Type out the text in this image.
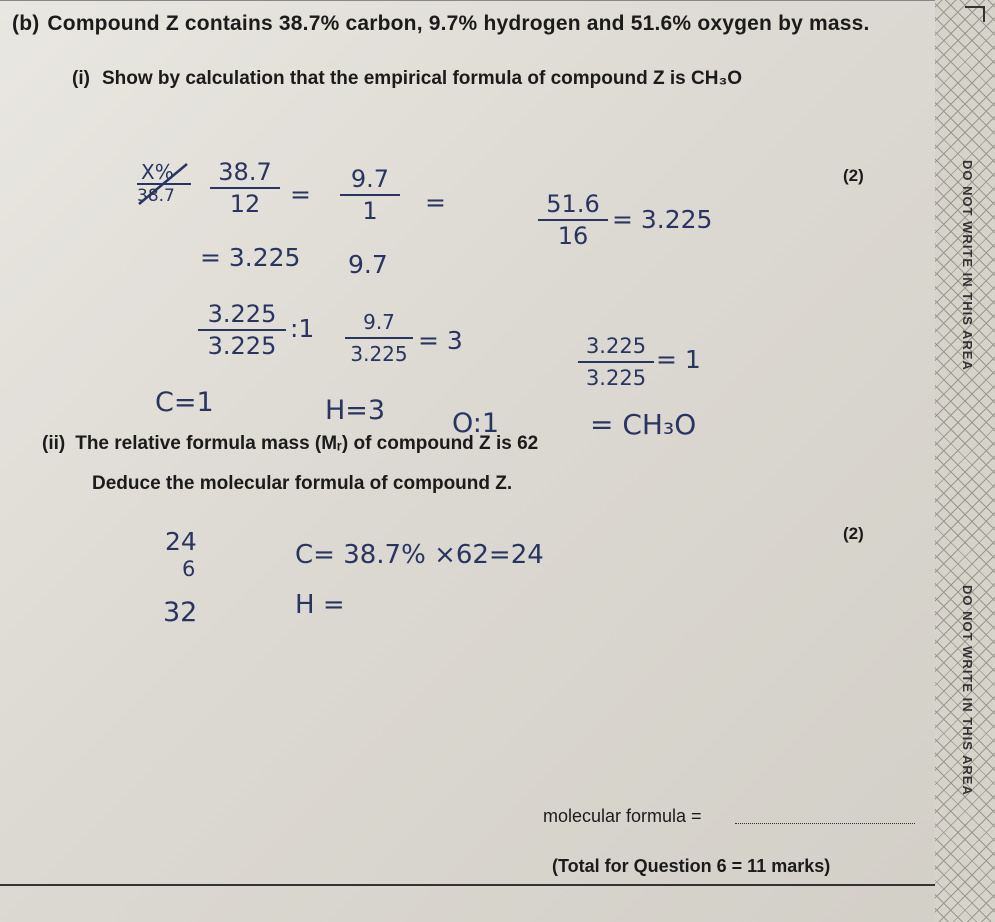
(b) Compound Z contains 38.7% carbon, 9.7% hydrogen and 51.6% oxygen by mass.
(i) Show by calculation that the empirical formula of compound Z is CH₃O
(2)
X%
38.7
38.7
12	=
9.7
1	=	51.6
16
= 3.225
= 3.225 9.7
3.225
3.225
:1	9.7
3.225 = 3	3.225
3.225
= 1
C=1	H=3 O:1	= CH₃O
(ii) The relative formula mass (Mᵣ) of compound Z is 62
Deduce the molecular formula of compound Z.
(2)
24
6
32
C= 38.7% ×62=24
H =
molecular formula =
(Total for Question 6 = 11 marks)
DO NOT WRITE IN THIS AREA
DO NOT WRITE IN THIS AREA
